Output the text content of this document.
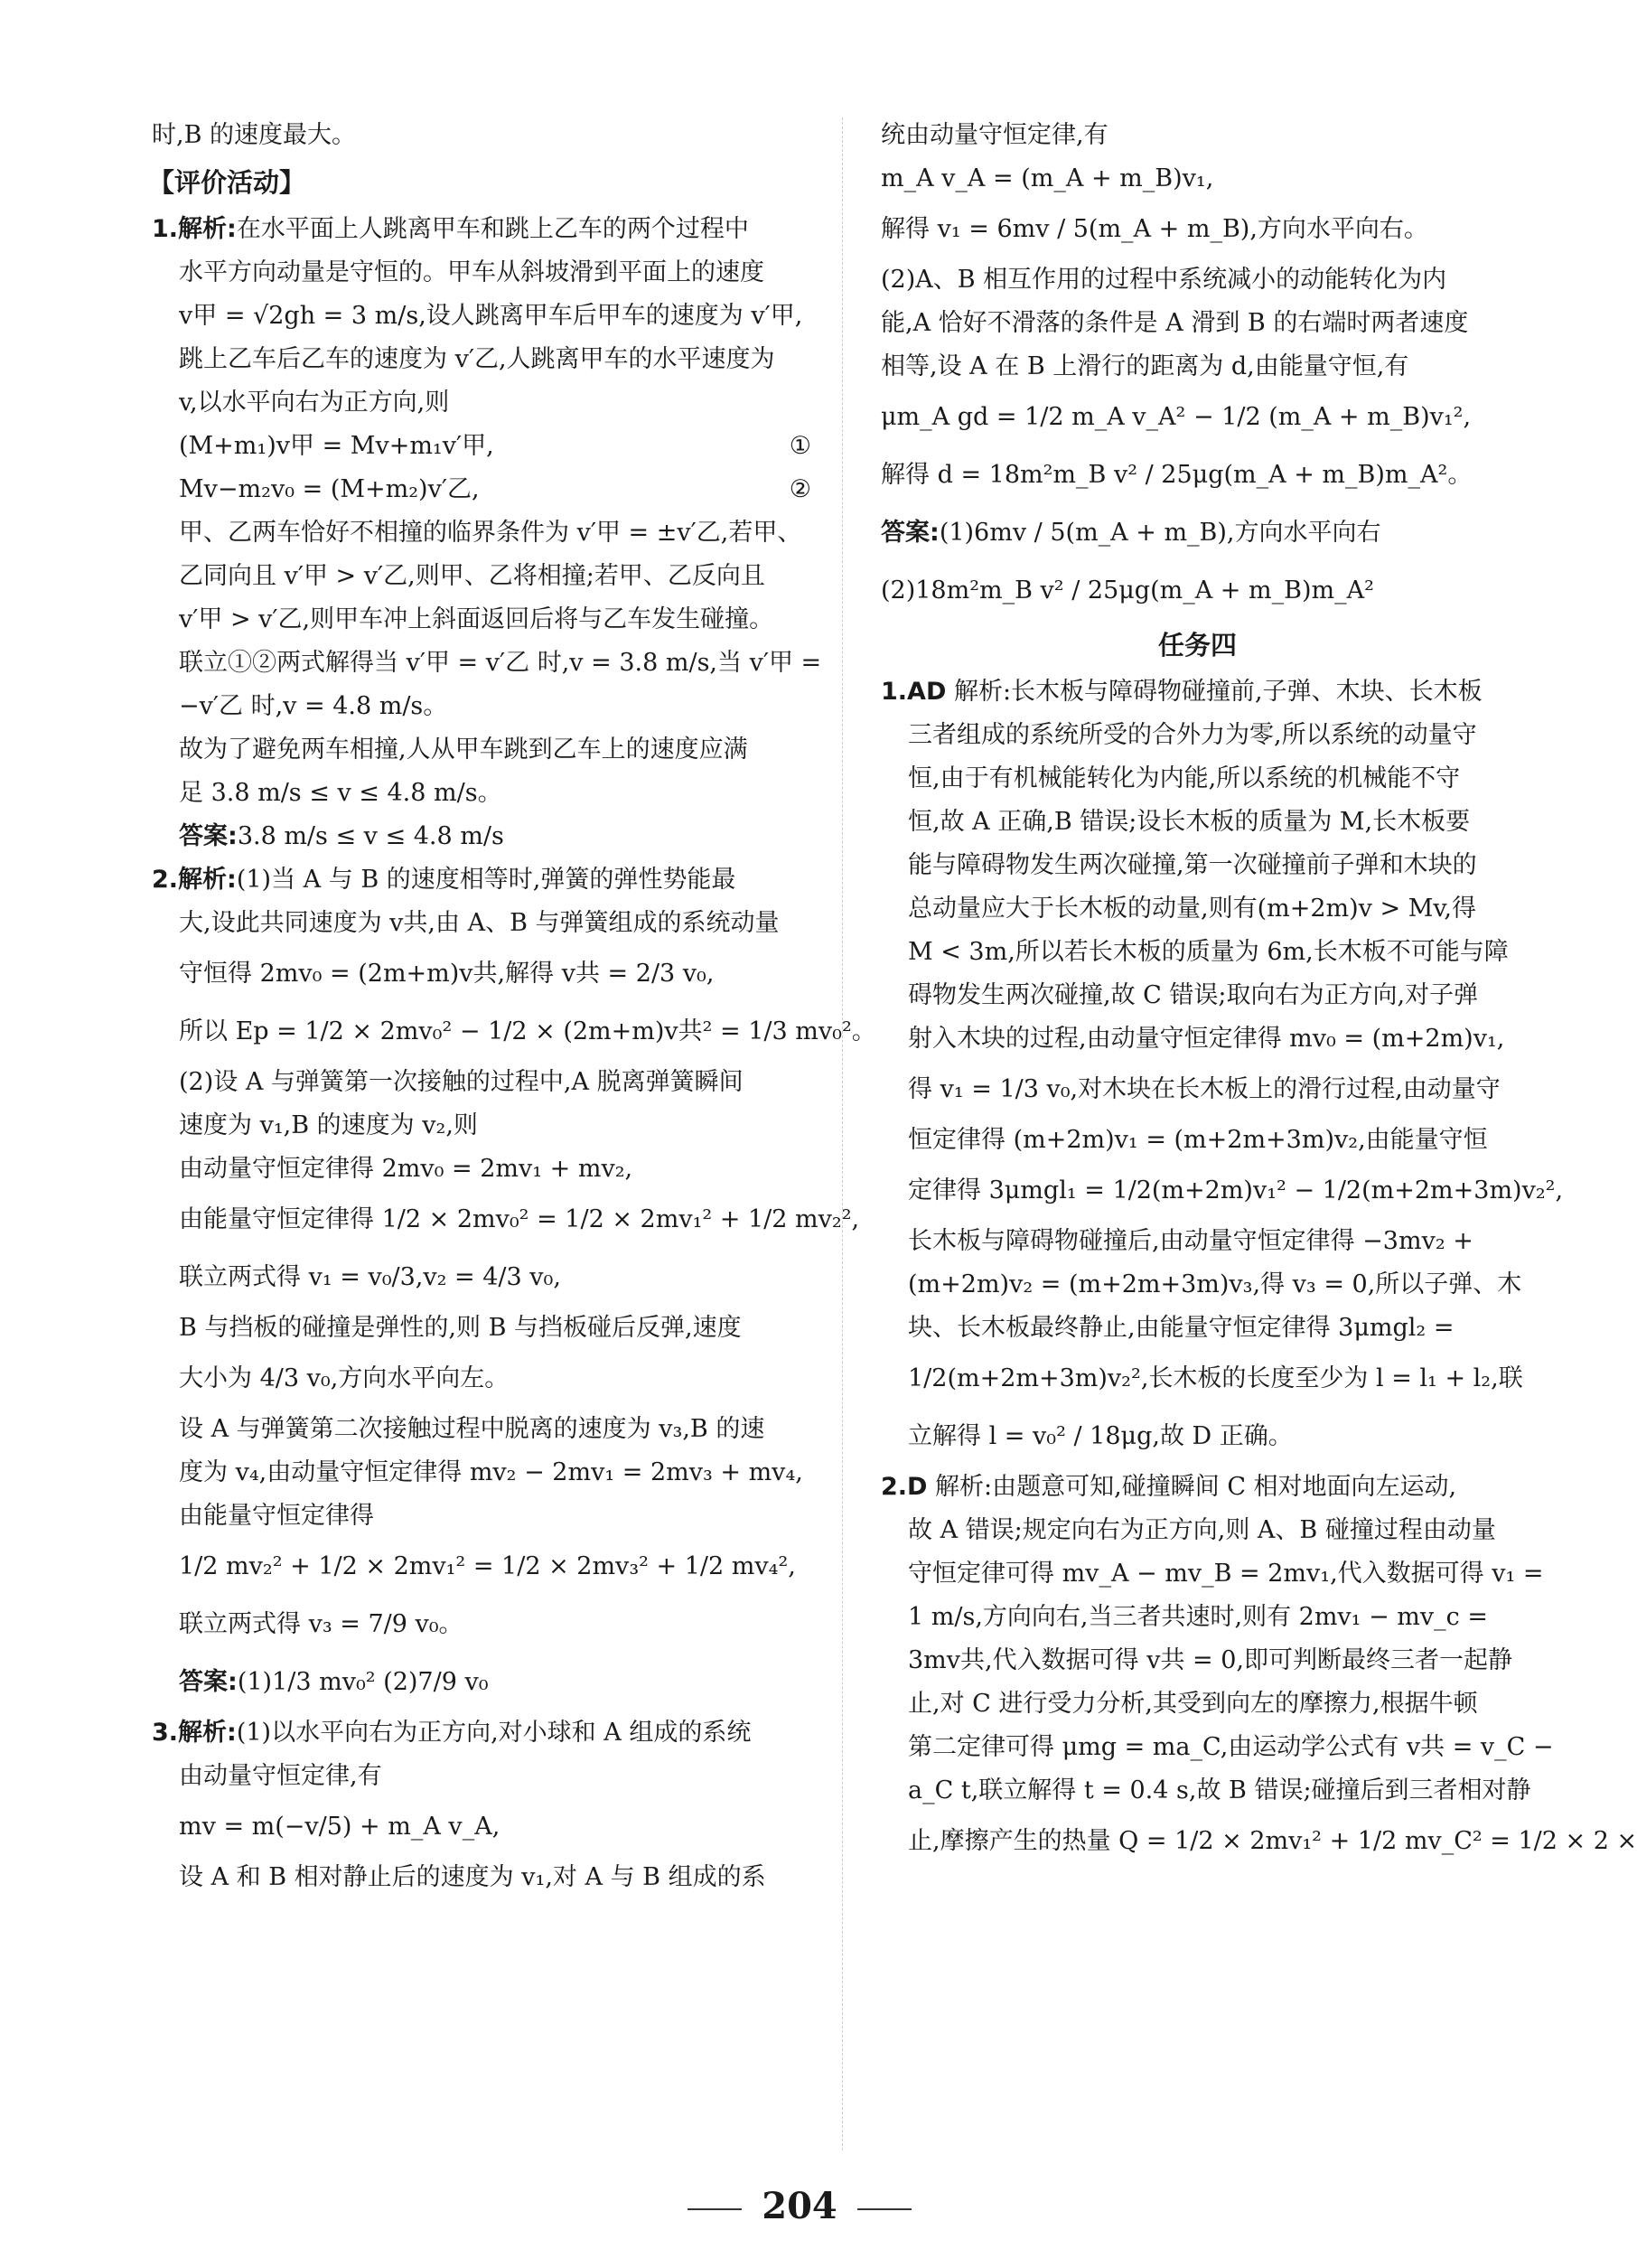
时,B 的速度最大。
【评价活动】
1.解析:在水平面上人跳离甲车和跳上乙车的两个过程中
水平方向动量是守恒的。甲车从斜坡滑到平面上的速度
v甲 = √2gh = 3 m/s,设人跳离甲车后甲车的速度为 v′甲,
跳上乙车后乙车的速度为 v′乙,人跳离甲车的水平速度为
v,以水平向右为正方向,则
(M+m₁)v甲 = Mv+m₁v′甲,	①
Mv−m₂v₀ = (M+m₂)v′乙,	②
甲、乙两车恰好不相撞的临界条件为 v′甲 = ±v′乙,若甲、
乙同向且 v′甲 > v′乙,则甲、乙将相撞;若甲、乙反向且
v′甲 > v′乙,则甲车冲上斜面返回后将与乙车发生碰撞。
联立①②两式解得当 v′甲 = v′乙 时,v = 3.8 m/s,当 v′甲 =
−v′乙 时,v = 4.8 m/s。
故为了避免两车相撞,人从甲车跳到乙车上的速度应满
足 3.8 m/s ≤ v ≤ 4.8 m/s。
答案:3.8 m/s ≤ v ≤ 4.8 m/s
2.解析:(1)当 A 与 B 的速度相等时,弹簧的弹性势能最
大,设此共同速度为 v共,由 A、B 与弹簧组成的系统动量
守恒得 2mv₀ = (2m+m)v共,解得 v共 = 2/3 v₀,
所以 Ep = 1/2 × 2mv₀² − 1/2 × (2m+m)v共² = 1/3 mv₀²。
(2)设 A 与弹簧第一次接触的过程中,A 脱离弹簧瞬间
速度为 v₁,B 的速度为 v₂,则
由动量守恒定律得 2mv₀ = 2mv₁ + mv₂,
由能量守恒定律得 1/2 × 2mv₀² = 1/2 × 2mv₁² + 1/2 mv₂²,
联立两式得 v₁ = v₀/3,v₂ = 4/3 v₀,
B 与挡板的碰撞是弹性的,则 B 与挡板碰后反弹,速度
大小为 4/3 v₀,方向水平向左。
设 A 与弹簧第二次接触过程中脱离的速度为 v₃,B 的速
度为 v₄,由动量守恒定律得 mv₂ − 2mv₁ = 2mv₃ + mv₄,
由能量守恒定律得
1/2 mv₂² + 1/2 × 2mv₁² = 1/2 × 2mv₃² + 1/2 mv₄²,
联立两式得 v₃ = 7/9 v₀。
答案:(1)1/3 mv₀² (2)7/9 v₀
3.解析:(1)以水平向右为正方向,对小球和 A 组成的系统
由动量守恒定律,有
mv = m(−v/5) + m_A v_A,
设 A 和 B 相对静止后的速度为 v₁,对 A 与 B 组成的系
统由动量守恒定律,有
m_A v_A = (m_A + m_B)v₁,
解得 v₁ = 6mv / 5(m_A + m_B),方向水平向右。
(2)A、B 相互作用的过程中系统减小的动能转化为内
能,A 恰好不滑落的条件是 A 滑到 B 的右端时两者速度
相等,设 A 在 B 上滑行的距离为 d,由能量守恒,有
μm_A gd = 1/2 m_A v_A² − 1/2 (m_A + m_B)v₁²,
解得 d = 18m²m_B v² / 25μg(m_A + m_B)m_A²。
答案:(1)6mv / 5(m_A + m_B),方向水平向右
(2)18m²m_B v² / 25μg(m_A + m_B)m_A²
任务四
1.AD 解析:长木板与障碍物碰撞前,子弹、木块、长木板
三者组成的系统所受的合外力为零,所以系统的动量守
恒,由于有机械能转化为内能,所以系统的机械能不守
恒,故 A 正确,B 错误;设长木板的质量为 M,长木板要
能与障碍物发生两次碰撞,第一次碰撞前子弹和木块的
总动量应大于长木板的动量,则有(m+2m)v > Mv,得
M < 3m,所以若长木板的质量为 6m,长木板不可能与障
碍物发生两次碰撞,故 C 错误;取向右为正方向,对子弹
射入木块的过程,由动量守恒定律得 mv₀ = (m+2m)v₁,
得 v₁ = 1/3 v₀,对木块在长木板上的滑行过程,由动量守
恒定律得 (m+2m)v₁ = (m+2m+3m)v₂,由能量守恒
定律得 3μmgl₁ = 1/2(m+2m)v₁² − 1/2(m+2m+3m)v₂²,
长木板与障碍物碰撞后,由动量守恒定律得 −3mv₂ +
(m+2m)v₂ = (m+2m+3m)v₃,得 v₃ = 0,所以子弹、木
块、长木板最终静止,由能量守恒定律得 3μmgl₂ =
1/2(m+2m+3m)v₂²,长木板的长度至少为 l = l₁ + l₂,联
立解得 l = v₀² / 18μg,故 D 正确。
2.D 解析:由题意可知,碰撞瞬间 C 相对地面向左运动,
故 A 错误;规定向右为正方向,则 A、B 碰撞过程由动量
守恒定律可得 mv_A − mv_B = 2mv₁,代入数据可得 v₁ =
1 m/s,方向向右,当三者共速时,则有 2mv₁ − mv_c =
3mv共,代入数据可得 v共 = 0,即可判断最终三者一起静
止,对 C 进行受力分析,其受到向左的摩擦力,根据牛顿
第二定律可得 μmg = ma_C,由运动学公式有 v共 = v_C −
a_C t,联立解得 t = 0.4 s,故 B 错误;碰撞后到三者相对静
止,摩擦产生的热量 Q = 1/2 × 2mv₁² + 1/2 mv_C² = 1/2 × 2 ×
204
